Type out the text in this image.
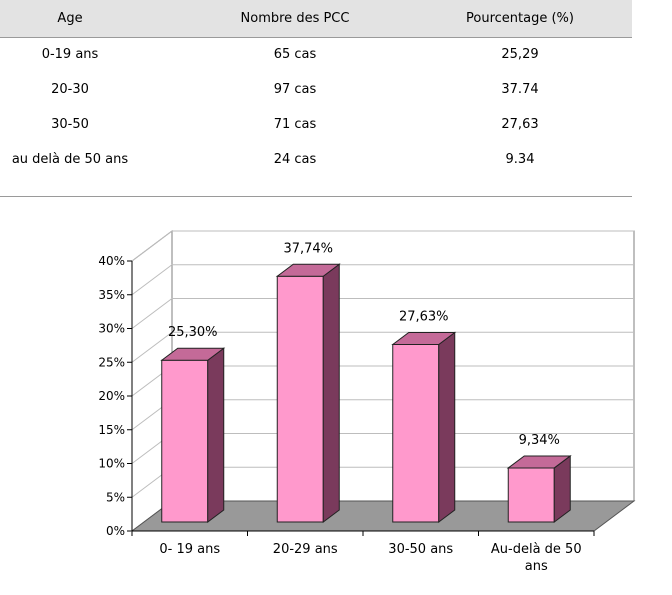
Age	Nombre des PCC	Pourcentage (%)
0-19 ans	65 cas	25,29
20-30	97 cas	37.74
30-50	71 cas	27,63
au delà de 50 ans	24 cas	9.34
0%
5%
10%
15%
20%
25%
30%
35%
40%
25,30%
37,74%
27,63%
9,34%
0- 19 ans	20-29 ans	30-50 ans	Au-delà de 50 ans
